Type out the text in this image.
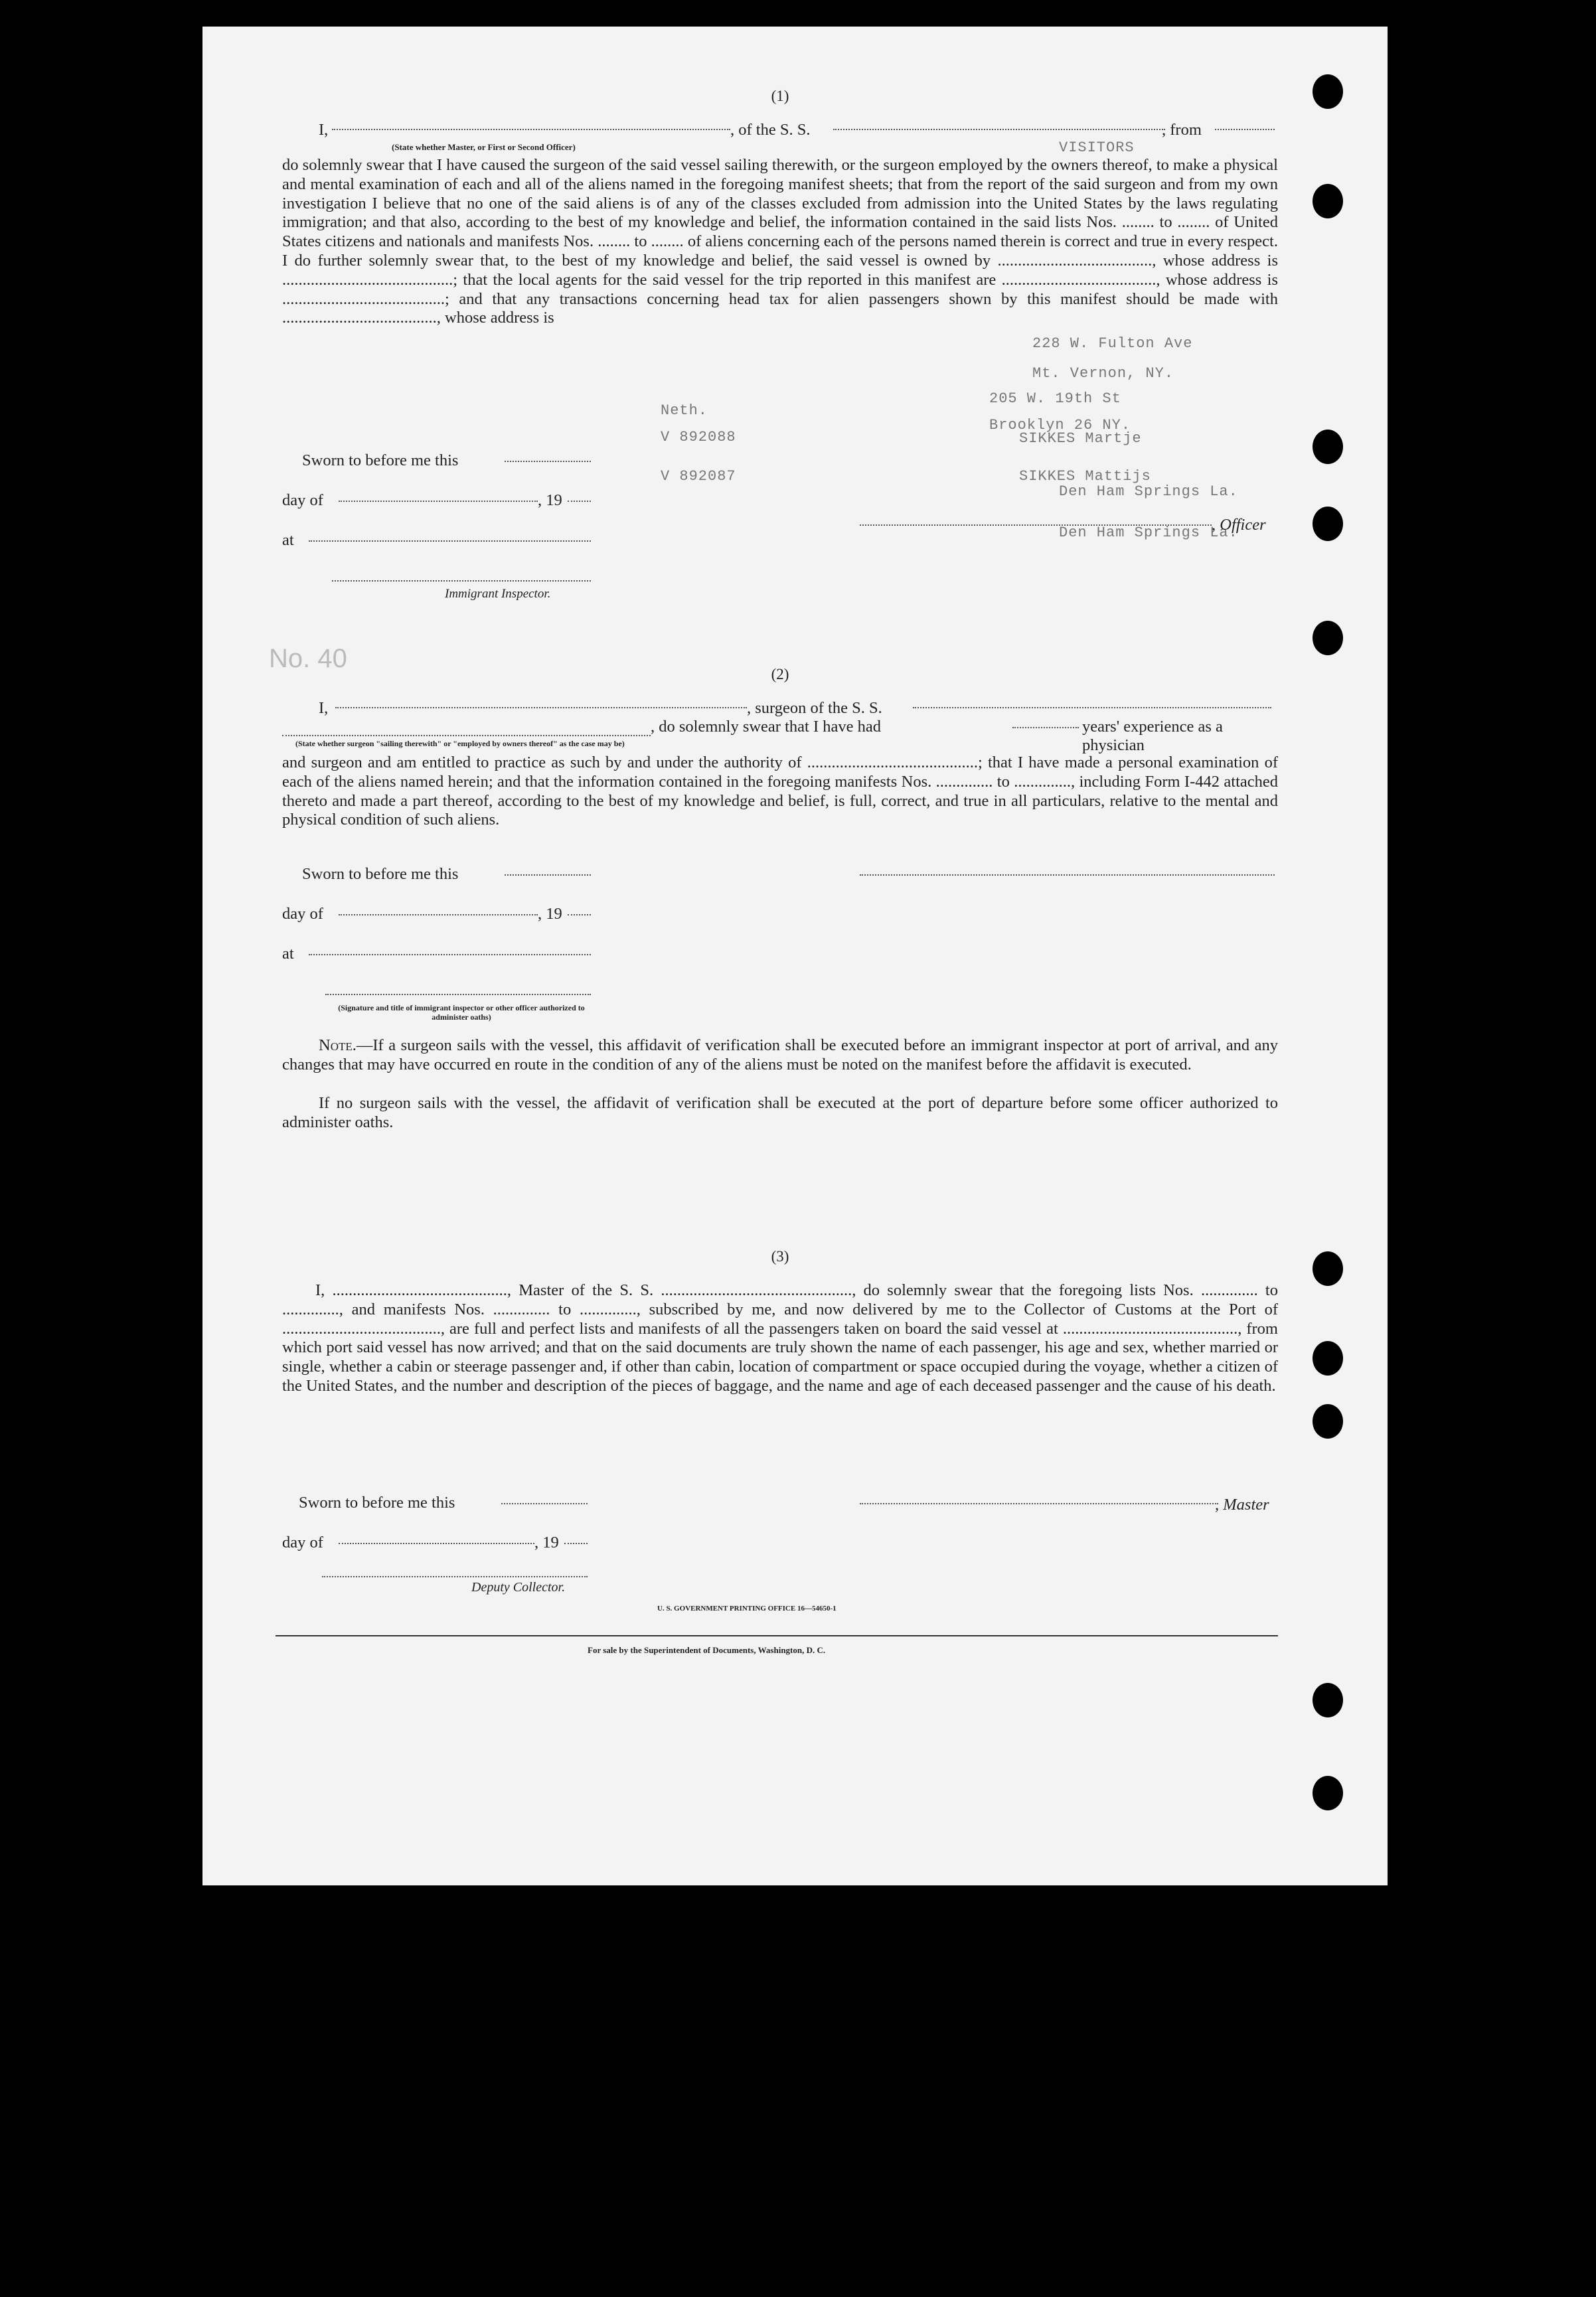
VISITORS
228 W. Fulton Ave
Mt. Vernon, NY.
205 W. 19th St
Brooklyn 26 NY.
SIKKES Martje
Neth.
V 892088
V 892087	SIKKES Mattijs
Den Ham Springs La.
Den Ham Springs La.
No. 40
(1)
I,	, of the S. S.	, from
(State whether Master, or First or Second Officer)
do solemnly swear that I have caused the surgeon of the said vessel sailing therewith, or the surgeon employed by the owners thereof, to make a physical and mental examination of each and all of the aliens named in the foregoing manifest sheets; that from the report of the said surgeon and from my own investigation I believe that no one of the said aliens is of any of the classes excluded from admission into the United States by the laws regulating immigration; and that also, according to the best of my knowledge and belief, the information contained in the said lists Nos. ........ to ........ of United States citizens and nationals and manifests Nos. ........ to ........ of aliens concerning each of the persons named therein is correct and true in every respect. I do further solemnly swear that, to the best of my knowledge and belief, the said vessel is owned by ......................................, whose address is ..........................................; that the local agents for the said vessel for the trip reported in this manifest are ......................................, whose address is ........................................; and that any transactions concerning head tax for alien passengers shown by this manifest should be made with ......................................, whose address is
Sworn to before me this
day of	, 19
at
, Officer
Immigrant Inspector.
(2)
I,	, surgeon of the S. S.
, do solemnly swear that I have had	years' experience as a physician
(State whether surgeon "sailing therewith" or "employed by owners thereof" as the case may be)
and surgeon and am entitled to practice as such by and under the authority of ..........................................; that I have made a personal examination of each of the aliens named herein; and that the information contained in the foregoing manifests Nos. .............. to .............., including Form I-442 attached thereto and made a part thereof, according to the best of my knowledge and belief, is full, correct, and true in all particulars, relative to the mental and physical condition of such aliens.
Sworn to before me this
day of	, 19
at
(Signature and title of immigrant inspector or other officer authorized to administer oaths)
Note.—If a surgeon sails with the vessel, this affidavit of verification shall be executed before an immigrant inspector at port of arrival, and any changes that may have occurred en route in the condition of any of the aliens must be noted on the manifest before the affidavit is executed.
If no surgeon sails with the vessel, the affidavit of verification shall be executed at the port of departure before some officer authorized to administer oaths.
(3)
I, ..........................................., Master of the S. S. ..............................................., do solemnly swear that the foregoing lists Nos. .............. to .............., and manifests Nos. .............. to .............., subscribed by me, and now delivered by me to the Collector of Customs at the Port of ......................................., are full and perfect lists and manifests of all the passengers taken on board the said vessel at ..........................................., from which port said vessel has now arrived; and that on the said documents are truly shown the name of each passenger, his age and sex, whether married or single, whether a cabin or steerage passenger and, if other than cabin, location of compartment or space occupied during the voyage, whether a citizen of the United States, and the number and description of the pieces of baggage, and the name and age of each deceased passenger and the cause of his death.
Sworn to before me this	, Master
day of	, 19
Deputy Collector.
U. S. GOVERNMENT PRINTING OFFICE 16—54650-1
For sale by the Superintendent of Documents, Washington, D. C.
